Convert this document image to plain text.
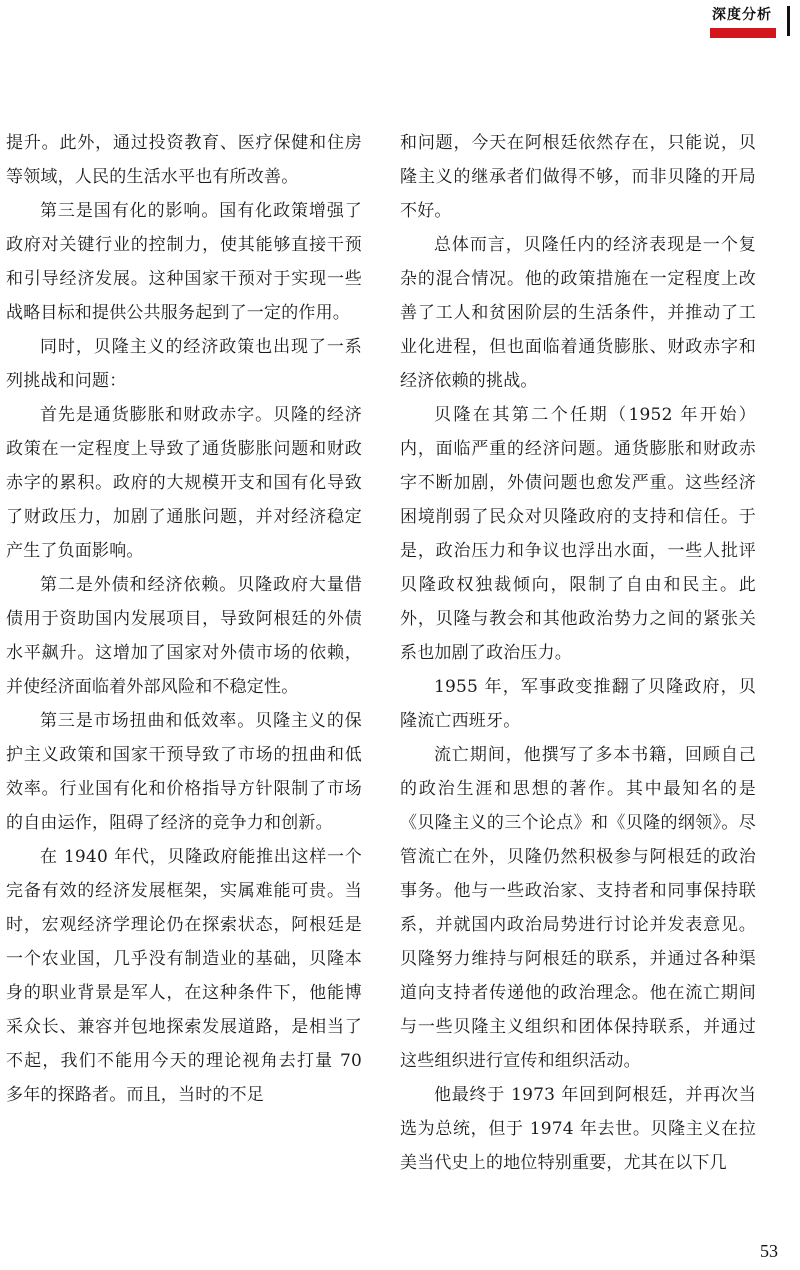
深度分析

提升。此外，通过投资教育、医疗保健和住房等领域，人民的生活水平也有所改善。

第三是国有化的影响。国有化政策增强了政府对关键行业的控制力，使其能够直接干预和引导经济发展。这种国家干预对于实现一些战略目标和提供公共服务起到了一定的作用。

同时，贝隆主义的经济政策也出现了一系列挑战和问题：

首先是通货膨胀和财政赤字。贝隆的经济政策在一定程度上导致了通货膨胀问题和财政赤字的累积。政府的大规模开支和国有化导致了财政压力，加剧了通胀问题，并对经济稳定产生了负面影响。

第二是外债和经济依赖。贝隆政府大量借债用于资助国内发展项目，导致阿根廷的外债水平飙升。这增加了国家对外债市场的依赖，并使经济面临着外部风险和不稳定性。

第三是市场扭曲和低效率。贝隆主义的保护主义政策和国家干预导致了市场的扭曲和低效率。行业国有化和价格指导方针限制了市场的自由运作，阻碍了经济的竞争力和创新。

在 1940 年代，贝隆政府能推出这样一个完备有效的经济发展框架，实属难能可贵。当时，宏观经济学理论仍在探索状态，阿根廷是一个农业国，几乎没有制造业的基础，贝隆本身的职业背景是军人，在这种条件下，他能博采众长、兼容并包地探索发展道路，是相当了不起，我们不能用今天的理论视角去打量 70 多年的探路者。而且，当时的不足

和问题，今天在阿根廷依然存在，只能说，贝隆主义的继承者们做得不够，而非贝隆的开局不好。

总体而言，贝隆任内的经济表现是一个复杂的混合情况。他的政策措施在一定程度上改善了工人和贫困阶层的生活条件，并推动了工业化进程，但也面临着通货膨胀、财政赤字和经济依赖的挑战。

贝隆在其第二个任期（1952 年开始）内，面临严重的经济问题。通货膨胀和财政赤字不断加剧，外债问题也愈发严重。这些经济困境削弱了民众对贝隆政府的支持和信任。于是，政治压力和争议也浮出水面，一些人批评贝隆政权独裁倾向，限制了自由和民主。此外，贝隆与教会和其他政治势力之间的紧张关系也加剧了政治压力。

1955 年，军事政变推翻了贝隆政府，贝隆流亡西班牙。

流亡期间，他撰写了多本书籍，回顾自己的政治生涯和思想的著作。其中最知名的是《贝隆主义的三个论点》和《贝隆的纲领》。尽管流亡在外，贝隆仍然积极参与阿根廷的政治事务。他与一些政治家、支持者和同事保持联系，并就国内政治局势进行讨论并发表意见。贝隆努力维持与阿根廷的联系，并通过各种渠道向支持者传递他的政治理念。他在流亡期间与一些贝隆主义组织和团体保持联系，并通过这些组织进行宣传和组织活动。

他最终于 1973 年回到阿根廷，并再次当选为总统，但于 1974 年去世。贝隆主义在拉美当代史上的地位特别重要，尤其在以下几

53
